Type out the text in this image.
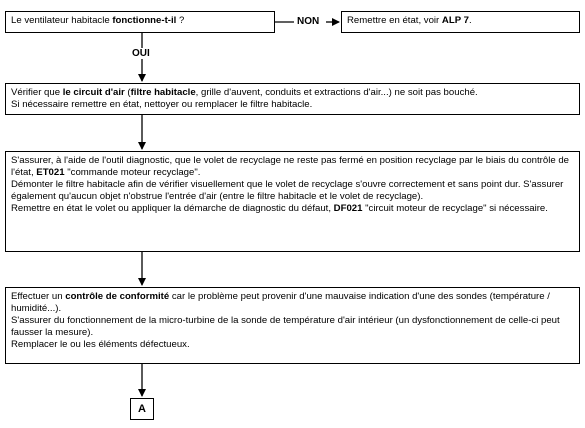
Le ventilateur habitacle fonctionne-t-il ?	NON	Remettre en état, voir ALP 7.

OUI

Vérifier que le circuit d'air (filtre habitacle, grille d'auvent, conduits et extractions d'air...) ne soit pas bouché.

Si nécessaire remettre en état, nettoyer ou remplacer le filtre habitacle.

S'assurer, à l'aide de l'outil diagnostic, que le volet de recyclage ne reste pas fermé en position recyclage par le biais du contrôle de l'état, ET021 "commande moteur recyclage".

Démonter le filtre habitacle afin de vérifier visuellement que le volet de recyclage s'ouvre correctement et sans point dur. S'assurer également qu'aucun objet n'obstrue l'entrée d'air (entre le filtre habitacle et le volet de recyclage).

Remettre en état le volet ou appliquer la démarche de diagnostic du défaut, DF021 "circuit moteur de recyclage" si nécessaire.

Effectuer un contrôle de conformité car le problème peut provenir d'une mauvaise indication d'une des sondes (température / humidité...).

S'assurer du fonctionnement de la micro-turbine de la sonde de température d'air intérieur (un dysfonctionnement de celle-ci peut fausser la mesure).

Remplacer le ou les éléments défectueux.

A
